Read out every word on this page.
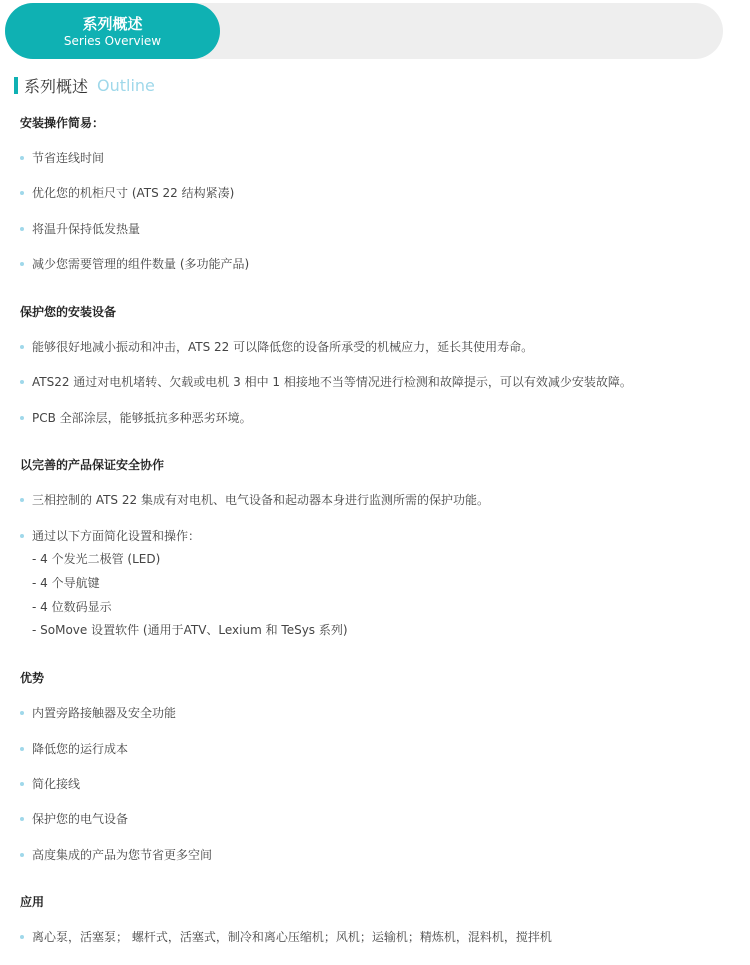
系列概述
Series Overview
系列概述 Outline
安装操作简易：
节省连线时间
优化您的机柜尺寸 (ATS 22 结构紧凑)
将温升保持低发热量
减少您需要管理的组件数量 (多功能产品)
保护您的安装设备
能够很好地减小振动和冲击，ATS 22 可以降低您的设备所承受的机械应力，延长其使用寿命。
ATS22 通过对电机堵转、欠载或电机 3 相中 1 相接地不当等情况进行检测和故障提示，可以有效减少安装故障。
PCB 全部涂层，能够抵抗多种恶劣环境。
以完善的产品保证安全协作
三相控制的 ATS 22 集成有对电机、电气设备和起动器本身进行监测所需的保护功能。
通过以下方面简化设置和操作：
- 4 个发光二极管 (LED)
- 4 个导航键
- 4 位数码显示
- SoMove 设置软件 (通用于ATV、Lexium 和 TeSys 系列)
优势
内置旁路接触器及安全功能
降低您的运行成本
简化接线
保护您的电气设备
高度集成的产品为您节省更多空间
应用
离心泵，活塞泵； 螺杆式，活塞式，制冷和离心压缩机；风机；运输机；精炼机，混料机，搅拌机
